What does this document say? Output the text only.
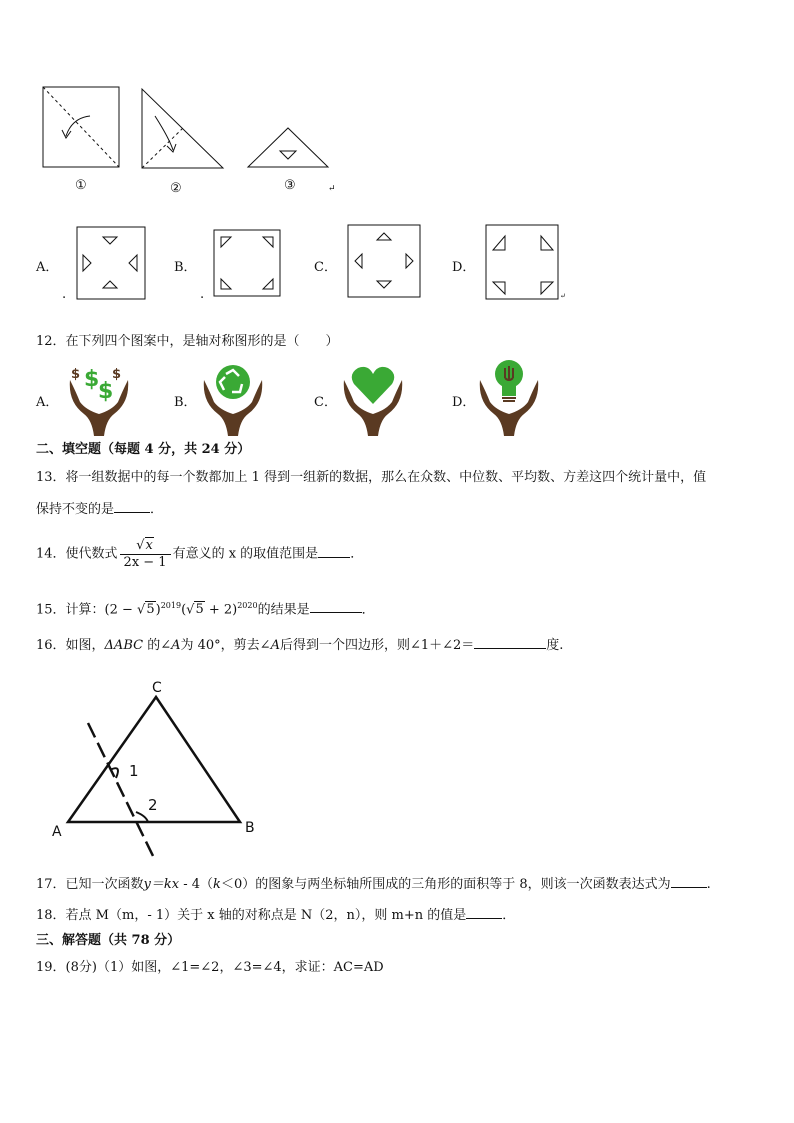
①	②	③	↵
A．
.
B．
.
C．	D．
↵
12．在下列四个图案中，是轴对称图形的是（　　）
A．
$
$ $
$	B．	C．	D．
二、填空题（每题 4 分，共 24 分）
13．将一组数据中的每一个数都加上 1 得到一组新的数据，那么在众数、中位数、平均数、方差这四个统计量中，值
保持不变的是	．
14．使代数式 $\frac{√x}{2x - 1}$ 有意义的 x 的取值范围是 ．
15．计算：$(2 - √5)^{2019}(√5 + 2)^{2020}$的结果是	．
16．如图，ΔABC 的∠A为 40°，剪去∠A后得到一个四边形，则∠1＋∠2＝	度.
C
A	B
1
2
17．已知一次函数y＝kx - 4（k＜0）的图象与两坐标轴所围成的三角形的面积等于 8，则该一次函数表达式为	.
18．若点 M（m，- 1）关于 x 轴的对称点是 N（2，n），则 m+n 的值是	．
三、解答题（共 78 分）
19．(8分)（1）如图，∠1=∠2，∠3=∠4，求证：AC=AD
